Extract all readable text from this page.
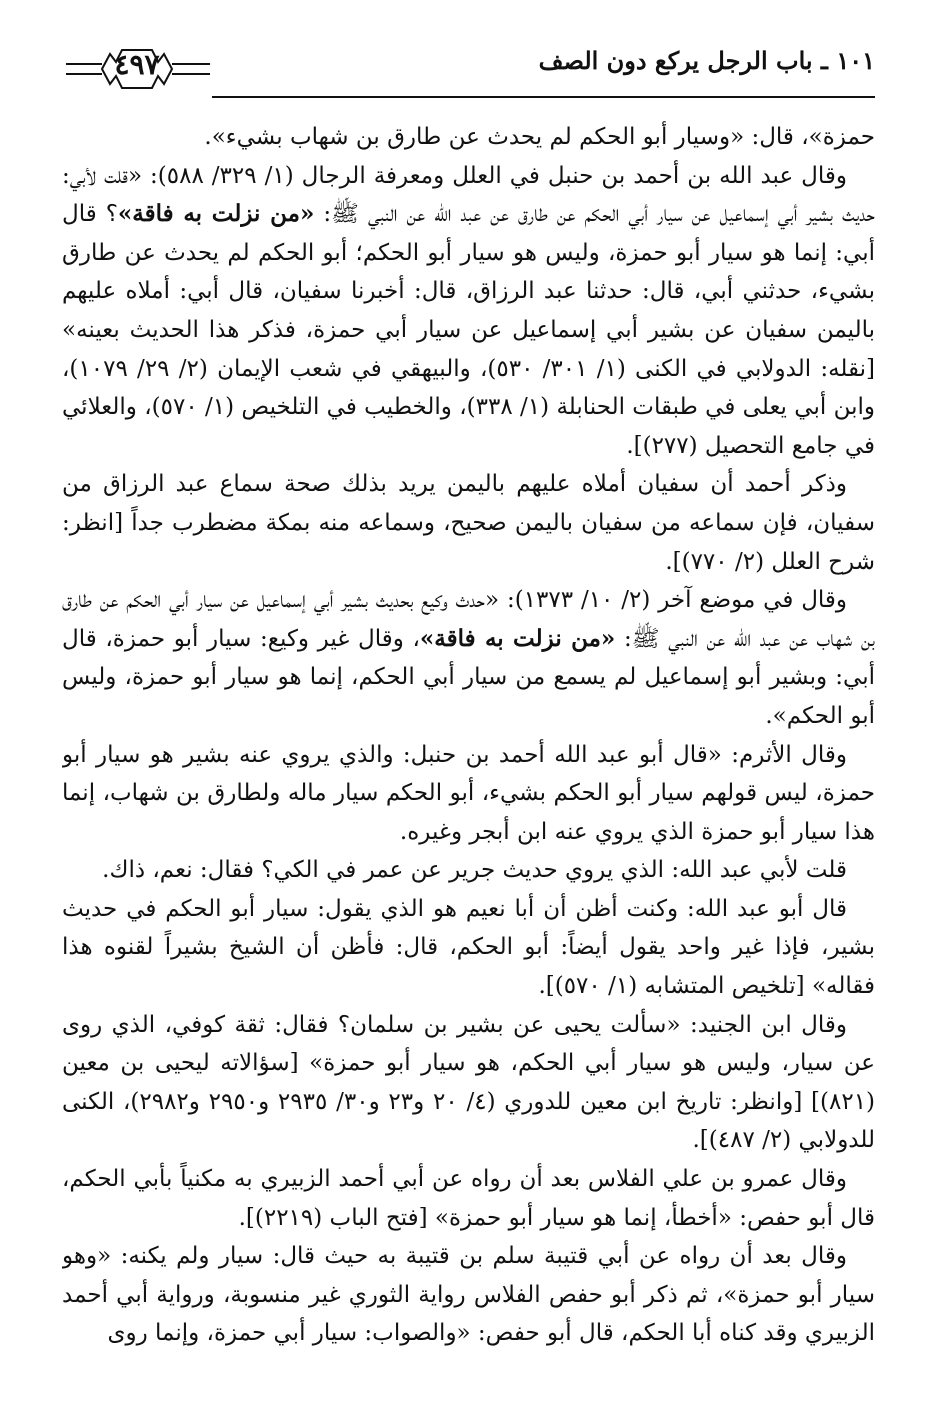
١٠١ ـ باب الرجل يركع دون الصف
٤٩٧

حمزة»، قال: «وسيار أبو الحكم لم يحدث عن طارق بن شهاب بشيء».

وقال عبد الله بن أحمد بن حنبل في العلل ومعرفة الرجال (١/ ٣٢٩/ ٥٨٨): «قلت لأبي: حديث بشير أبي إسماعيل عن سيار أبي الحكم عن طارق عن عبد الله عن النبي ﷺ: «من نزلت به فاقة»؟ قال أبي: إنما هو سيار أبو حمزة، وليس هو سيار أبو الحكم؛ أبو الحكم لم يحدث عن طارق بشيء، حدثني أبي، قال: حدثنا عبد الرزاق، قال: أخبرنا سفيان، قال أبي: أملاه عليهم باليمن سفيان عن بشير أبي إسماعيل عن سيار أبي حمزة، فذكر هذا الحديث بعينه» [نقله: الدولابي في الكنى (١/ ٣٠١/ ٥٣٠)، والبيهقي في شعب الإيمان (٢/ ٢٩/ ١٠٧٩)، وابن أبي يعلى في طبقات الحنابلة (١/ ٣٣٨)، والخطيب في التلخيص (١/ ٥٧٠)، والعلائي في جامع التحصيل (٢٧٧)].

وذكر أحمد أن سفيان أملاه عليهم باليمن يريد بذلك صحة سماع عبد الرزاق من سفيان، فإن سماعه من سفيان باليمن صحيح، وسماعه منه بمكة مضطرب جداً [انظر: شرح العلل (٢/ ٧٧٠)].

وقال في موضع آخر (٢/ ١٠/ ١٣٧٣): «حدث وكيع بحديث بشير أبي إسماعيل عن سيار أبي الحكم عن طارق بن شهاب عن عبد الله عن النبي ﷺ: «من نزلت به فاقة»، وقال غير وكيع: سيار أبو حمزة، قال أبي: وبشير أبو إسماعيل لم يسمع من سيار أبي الحكم، إنما هو سيار أبو حمزة، وليس أبو الحكم».

وقال الأثرم: «قال أبو عبد الله أحمد بن حنبل: والذي يروي عنه بشير هو سيار أبو حمزة، ليس قولهم سيار أبو الحكم بشيء، أبو الحكم سيار ماله ولطارق بن شهاب، إنما هذا سيار أبو حمزة الذي يروي عنه ابن أبجر وغيره.

قلت لأبي عبد الله: الذي يروي حديث جرير عن عمر في الكي؟ فقال: نعم، ذاك.

قال أبو عبد الله: وكنت أظن أن أبا نعيم هو الذي يقول: سيار أبو الحكم في حديث بشير، فإذا غير واحد يقول أيضاً: أبو الحكم، قال: فأظن أن الشيخ بشيراً لقنوه هذا فقاله» [تلخيص المتشابه (١/ ٥٧٠)].

وقال ابن الجنيد: «سألت يحيى عن بشير بن سلمان؟ فقال: ثقة كوفي، الذي روى عن سيار، وليس هو سيار أبي الحكم، هو سيار أبو حمزة» [سؤالاته ليحيى بن معين (٨٢١)] [وانظر: تاريخ ابن معين للدوري (٤/ ٢٠ و٢٣ و٣٠/ ٢٩٣٥ و٢٩٥٠ و٢٩٨٢)، الكنى للدولابي (٢/ ٤٨٧)].

وقال عمرو بن علي الفلاس بعد أن رواه عن أبي أحمد الزبيري به مكنياً بأبي الحكم، قال أبو حفص: «أخطأ، إنما هو سيار أبو حمزة» [فتح الباب (٢٢١٩)].

وقال بعد أن رواه عن أبي قتيبة سلم بن قتيبة به حيث قال: سيار ولم يكنه: «وهو سيار أبو حمزة»، ثم ذكر أبو حفص الفلاس رواية الثوري غير منسوبة، ورواية أبي أحمد الزبيري وقد كناه أبا الحكم، قال أبو حفص: «والصواب: سيار أبي حمزة، وإنما روى
